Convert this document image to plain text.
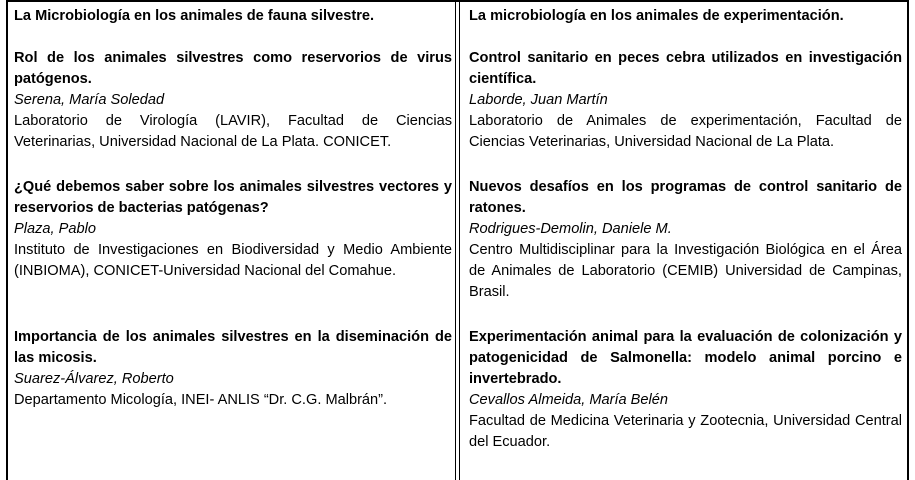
La Microbiología en los animales de fauna silvestre.

Rol de los animales silvestres como reservorios de virus patógenos.

Serena, María Soledad

Laboratorio de Virología (LAVIR), Facultad de Ciencias Veterinarias, Universidad Nacional de La Plata. CONICET.

¿Qué debemos saber sobre los animales silvestres vectores y reservorios de bacterias patógenas?

Plaza, Pablo

Instituto de Investigaciones en Biodiversidad y Medio Ambiente (INBIOMA), CONICET-Universidad Nacional del Comahue.

Importancia de los animales silvestres en la diseminación de las micosis.

Suarez-Álvarez, Roberto

Departamento Micología, INEI- ANLIS “Dr. C.G. Malbrán”.

La microbiología en los animales de experimentación.

Control sanitario en peces cebra utilizados en investigación científica.

Laborde, Juan Martín

Laboratorio de Animales de experimentación, Facultad de Ciencias Veterinarias, Universidad Nacional de La Plata.

Nuevos desafíos en los programas de control sanitario de ratones.

Rodrigues-Demolin, Daniele M.

Centro Multidisciplinar para la Investigación Biológica en el Área de Animales de Laboratorio (CEMIB) Universidad de Campinas, Brasil.

Experimentación animal para la evaluación de colonización y patogenicidad de Salmonella: modelo animal porcino e invertebrado.

Cevallos Almeida, María Belén

Facultad de Medicina Veterinaria y Zootecnia, Universidad Central del Ecuador.
